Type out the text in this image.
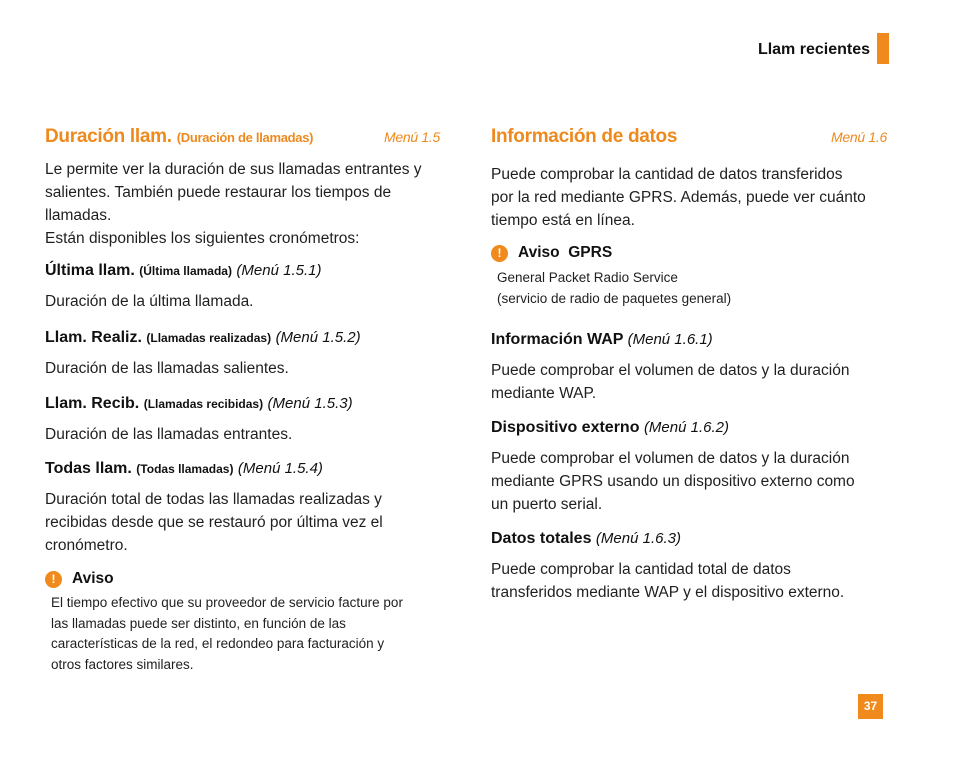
Llam recientes
Duración llam. (Duración de llamadas)	Menú 1.5

Le permite ver la duración de sus llamadas entrantes y
salientes. También puede restaurar los tiempos de
llamadas.
Están disponibles los siguientes cronómetros:

Última llam. (Última llamada) (Menú 1.5.1)

Duración de la última llamada.

Llam. Realiz. (Llamadas realizadas) (Menú 1.5.2)

Duración de las llamadas salientes.

Llam. Recib. (Llamadas recibidas) (Menú 1.5.3)

Duración de las llamadas entrantes.

Todas llam. (Todas llamadas) (Menú 1.5.4)

Duración total de todas las llamadas realizadas y
recibidas desde que se restauró por última vez el
cronómetro.

!	Aviso

El tiempo efectivo que su proveedor de servicio facture por
las llamadas puede ser distinto, en función de las
características de la red, el redondeo para facturación y
otros factores similares.

Información de datos	Menú 1.6

Puede comprobar la cantidad de datos transferidos
por la red mediante GPRS. Además, puede ver cuánto
tiempo está en línea.

!	Aviso  GPRS

General Packet Radio Service
(servicio de radio de paquetes general)

Información WAP (Menú 1.6.1)

Puede comprobar el volumen de datos y la duración
mediante WAP.

Dispositivo externo (Menú 1.6.2)

Puede comprobar el volumen de datos y la duración
mediante GPRS usando un dispositivo externo como
un puerto serial.

Datos totales (Menú 1.6.3)

Puede comprobar la cantidad total de datos
transferidos mediante WAP y el dispositivo externo.

37
